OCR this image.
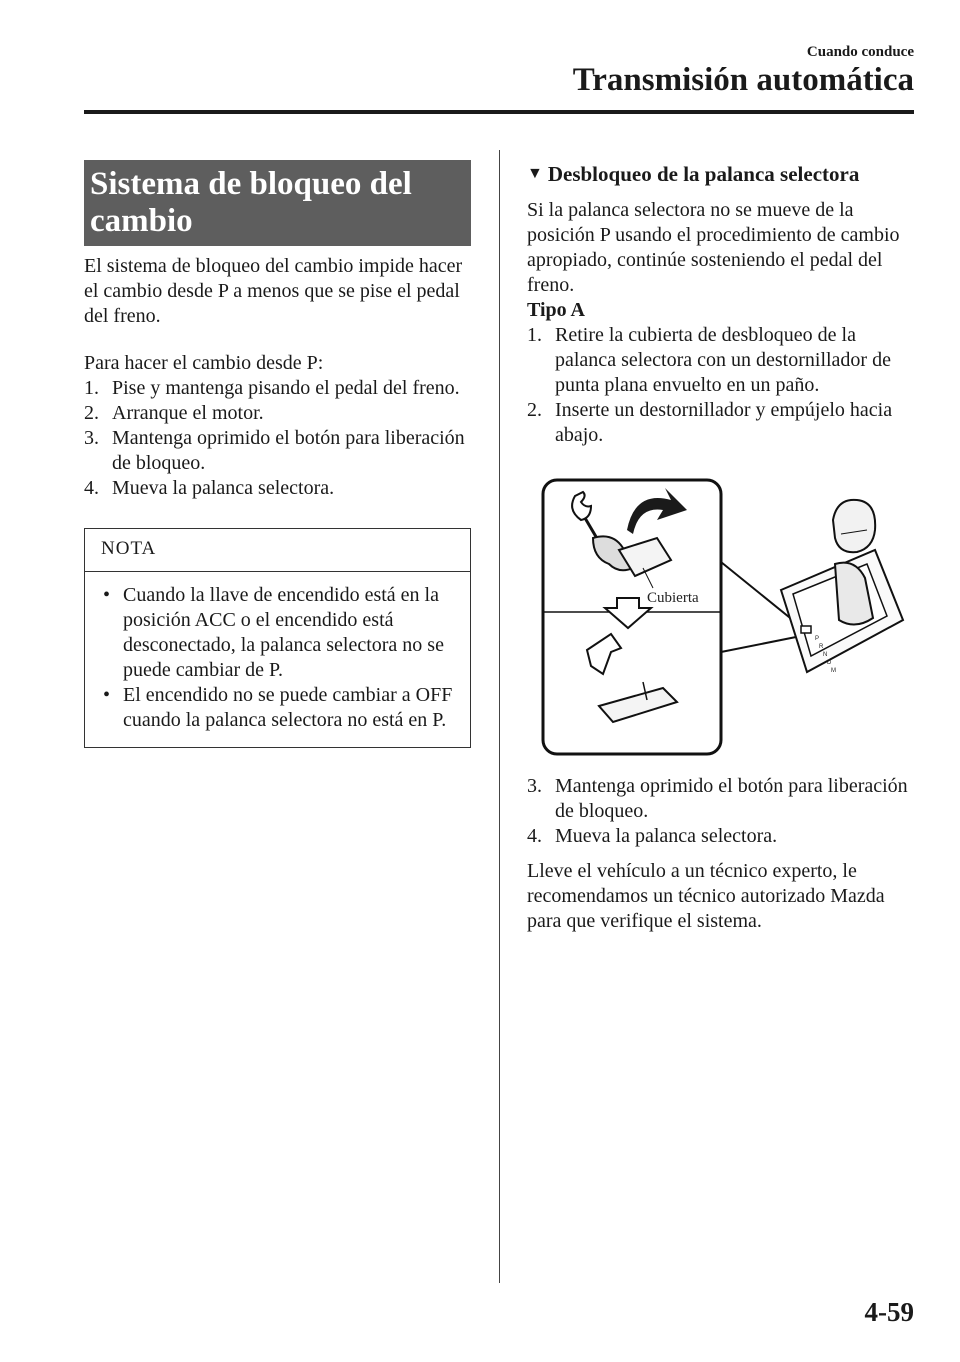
Cuando conduce
Transmisión automática
Sistema de bloqueo del cambio

El sistema de bloqueo del cambio impide hacer el cambio desde P a menos que se pise el pedal del freno.

Para hacer el cambio desde P:

1. Pise y mantenga pisando el pedal del freno.
2. Arranque el motor.
3. Mantenga oprimido el botón para liberación de bloqueo.
4. Mueva la palanca selectora.
NOTA
• Cuando la llave de encendido está en la posición ACC o el encendido está desconectado, la palanca selectora no se puede cambiar de P.
• El encendido no se puede cambiar a OFF cuando la palanca selectora no está en P.
▼ Desbloqueo de la palanca selectora

Si la palanca selectora no se mueve de la posición P usando el procedimiento de cambio apropiado, continúe sosteniendo el pedal del freno.

Tipo A
1. Retire la cubierta de desbloqueo de la palanca selectora con un destornillador de punta plana envuelto en un paño.
2. Inserte un destornillador y empújelo hacia abajo.
Cubierta
P
R
N
D
M
3. Mantenga oprimido el botón para liberación de bloqueo.
4. Mueva la palanca selectora.

Lleve el vehículo a un técnico experto, le recomendamos un técnico autorizado Mazda para que verifique el sistema.

4-59
